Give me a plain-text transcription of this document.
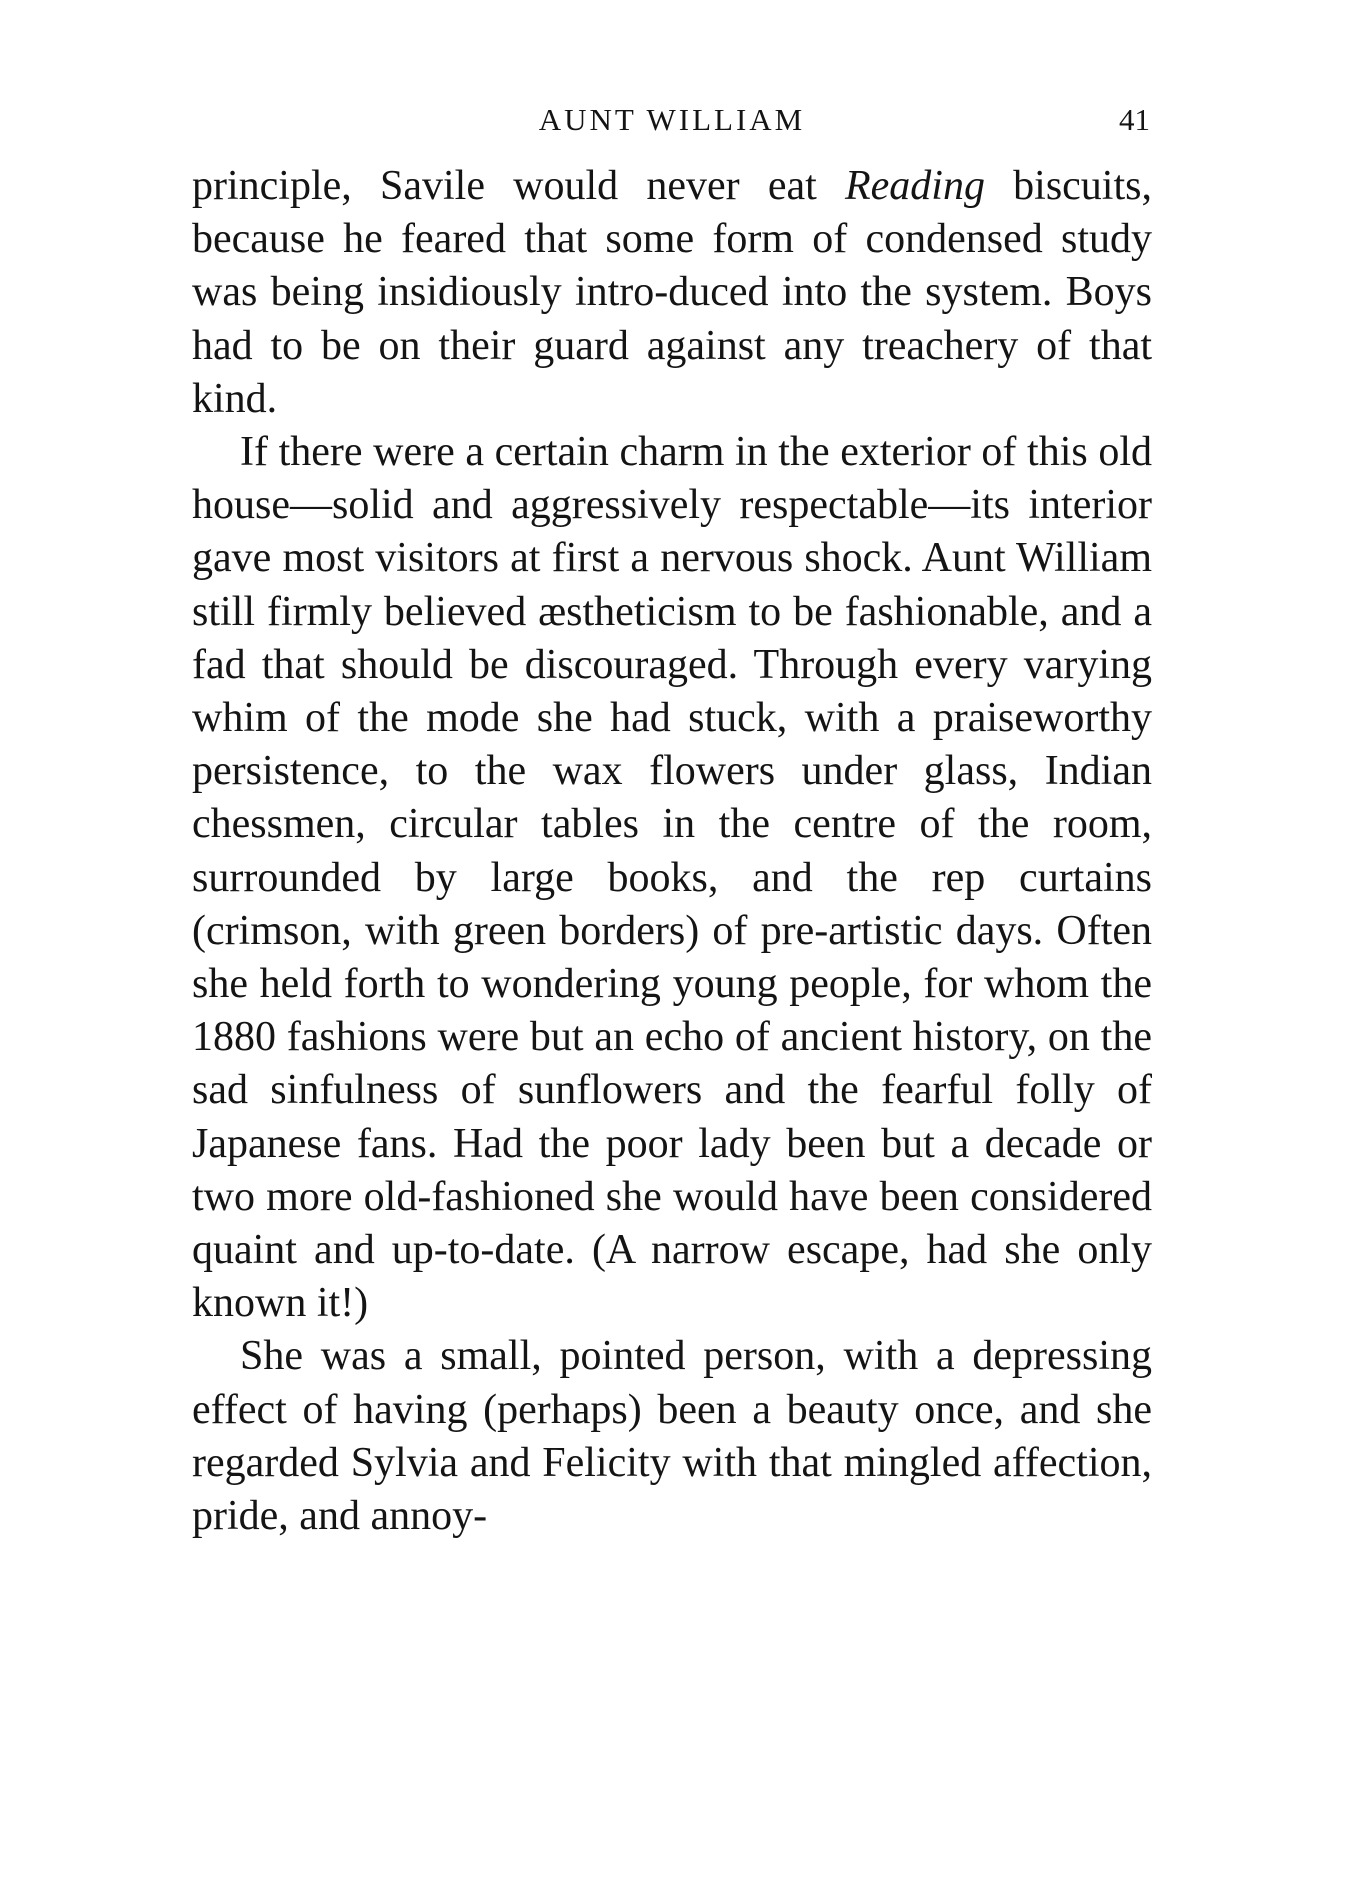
AUNT WILLIAM	41

principle, Savile would never eat Reading biscuits, because he feared that some form of condensed study was being insidiously intro-duced into the system. Boys had to be on their guard against any treachery of that kind.

If there were a certain charm in the exterior of this old house—solid and aggressively respectable—its interior gave most visitors at first a nervous shock. Aunt William still firmly believed æstheticism to be fashionable, and a fad that should be discouraged. Through every varying whim of the mode she had stuck, with a praiseworthy persistence, to the wax flowers under glass, Indian chessmen, circular tables in the centre of the room, surrounded by large books, and the rep curtains (crimson, with green borders) of pre-artistic days. Often she held forth to wondering young people, for whom the 1880 fashions were but an echo of ancient history, on the sad sinfulness of sunflowers and the fearful folly of Japanese fans. Had the poor lady been but a decade or two more old-fashioned she would have been considered quaint and up-to-date. (A narrow escape, had she only known it!)

She was a small, pointed person, with a depressing effect of having (perhaps) been a beauty once, and she regarded Sylvia and Felicity with that mingled affection, pride, and annoy-
